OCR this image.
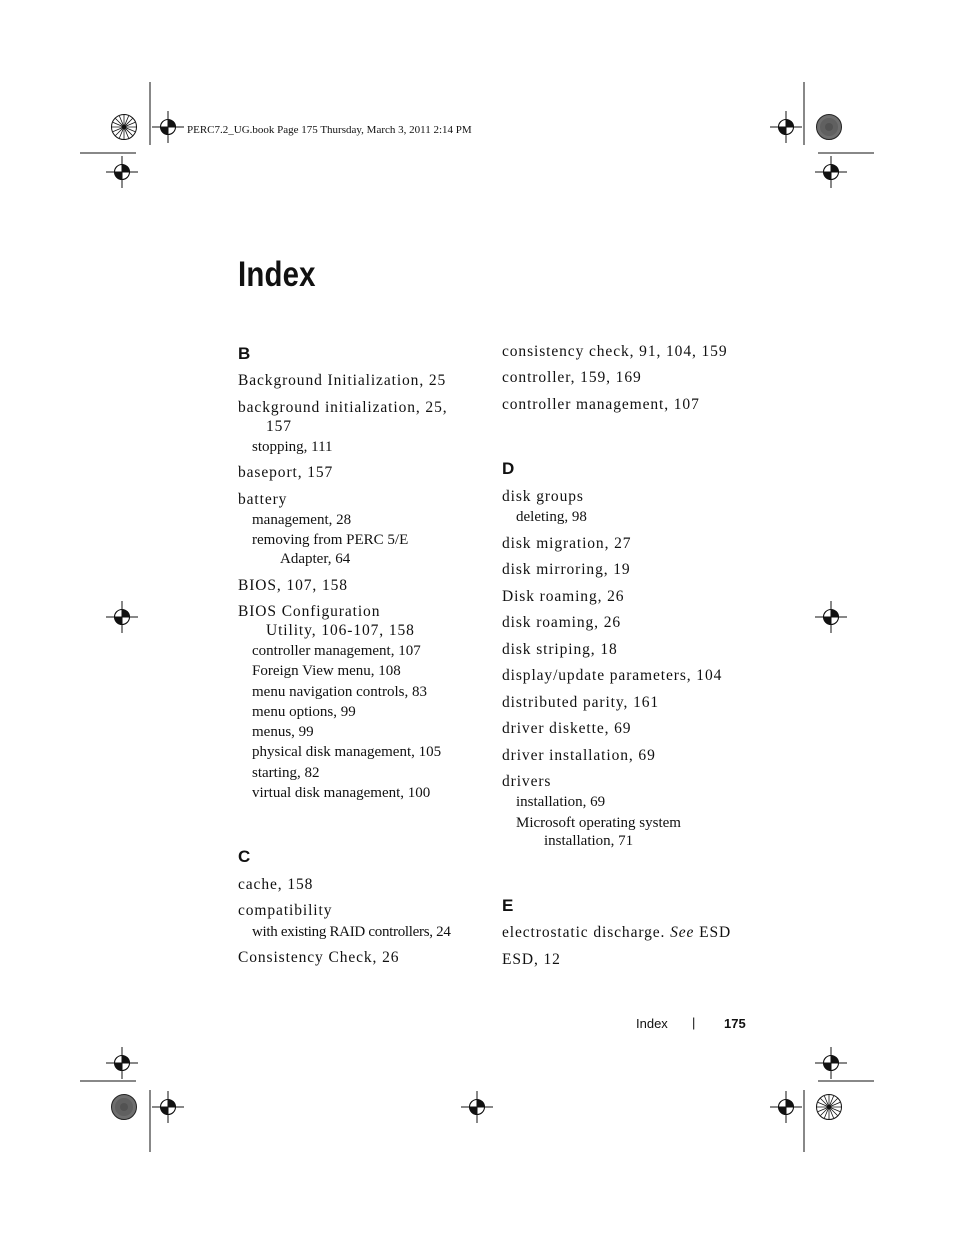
PERC7.2_UG.book Page 175 Thursday, March 3, 2011 2:14 PM
Index
B
Background Initialization, 25
background initialization, 25,
157
stopping, 111
baseport, 157
battery
management, 28
removing from PERC 5/E
Adapter, 64
BIOS, 107, 158
BIOS Configuration
Utility, 106-107, 158
controller management, 107
Foreign View menu, 108
menu navigation controls, 83
menu options, 99
menus, 99
physical disk management, 105
starting, 82
virtual disk management, 100
C
cache, 158
compatibility
with existing RAID controllers, 24
Consistency Check, 26
consistency check, 91, 104, 159
controller, 159, 169
controller management, 107
D
disk groups
deleting, 98
disk migration, 27
disk mirroring, 19
Disk roaming, 26
disk roaming, 26
disk striping, 18
display/update parameters, 104
distributed parity, 161
driver diskette, 69
driver installation, 69
drivers
installation, 69
Microsoft operating system
installation, 71
E
electrostatic discharge. See ESD
ESD, 12
Index | 175
